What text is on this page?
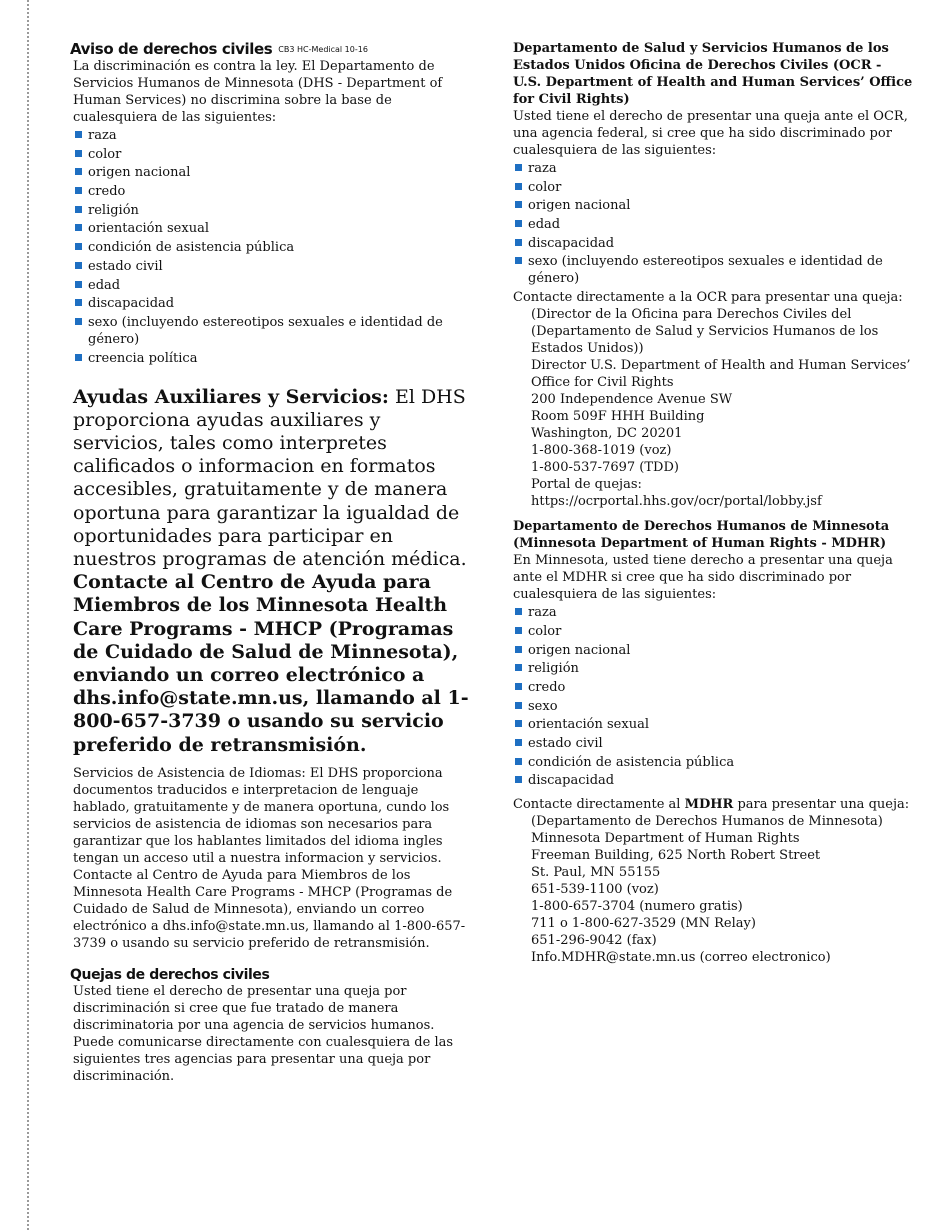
Aviso de derechos civiles CB3 HC-Medical 10-16

La discriminación es contra la ley. El Departamento de Servicios Humanos de Minnesota (DHS - Department of Human Services) no discrimina sobre la base de cualesquiera de las siguientes:

raza
color
origen nacional
credo
religión
orientación sexual
condición de asistencia pública
estado civil
edad
discapacidad
sexo (incluyendo estereotipos sexuales e identidad de género)
creencia política

Ayudas Auxiliares y Servicios: El DHS proporciona ayudas auxiliares y servicios, tales como interpretes calificados o informacion en formatos accesibles, gratuitamente y de manera oportuna para garantizar la igualdad de oportunidades para participar en nuestros programas de atención médica. Contacte al Centro de Ayuda para Miembros de los Minnesota Health Care Programs - MHCP (Programas de Cuidado de Salud de Minnesota), enviando un correo electrónico a dhs.info@state.mn.us, llamando al 1-800-657-3739 o usando su servicio preferido de retransmisión.

Servicios de Asistencia de Idiomas: El DHS proporciona documentos traducidos e interpretacion de lenguaje hablado, gratuitamente y de manera oportuna, cundo los servicios de asistencia de idiomas son necesarios para garantizar que los hablantes limitados del idioma ingles tengan un acceso util a nuestra informacion y servicios. Contacte al Centro de Ayuda para Miembros de los Minnesota Health Care Programs - MHCP (Programas de Cuidado de Salud de Minnesota), enviando un correo electrónico a dhs.info@state.mn.us, llamando al 1-800-657-3739 o usando su servicio preferido de retransmisión.

Quejas de derechos civiles

Usted tiene el derecho de presentar una queja por discriminación si cree que fue tratado de manera discriminatoria por una agencia de servicios humanos. Puede comunicarse directamente con cualesquiera de las siguientes tres agencias para presentar una queja por discriminación.

Departamento de Salud y Servicios Humanos de los Estados Unidos Oficina de Derechos Civiles (OCR - U.S. Department of Health and Human Services’ Office for Civil Rights)

Usted tiene el derecho de presentar una queja ante el OCR, una agencia federal, si cree que ha sido discriminado por cualesquiera de las siguientes:

raza
color
origen nacional
edad
discapacidad
sexo (incluyendo estereotipos sexuales e identidad de género)

Contacte directamente a la OCR para presentar una queja:

(Director de la Oficina para Derechos Civiles del (Departamento de Salud y Servicios Humanos de los Estados Unidos))

Director U.S. Department of Health and Human Services’ Office for Civil Rights

200 Independence Avenue SW

Room 509F HHH Building

Washington, DC 20201

1-800-368-1019 (voz)

1-800-537-7697 (TDD)

Portal de quejas:

https://ocrportal.hhs.gov/ocr/portal/lobby.jsf

Departamento de Derechos Humanos de Minnesota (Minnesota Department of Human Rights - MDHR)

En Minnesota, usted tiene derecho a presentar una queja ante el MDHR si cree que ha sido discriminado por cualesquiera de las siguientes:

raza
color
origen nacional
religión
credo
sexo
orientación sexual
estado civil
condición de asistencia pública
discapacidad

Contacte directamente al MDHR para presentar una queja:

(Departamento de Derechos Humanos de Minnesota)

Minnesota Department of Human Rights

Freeman Building, 625 North Robert Street

St. Paul, MN 55155

651-539-1100 (voz)

1-800-657-3704 (numero gratis)

711 o 1-800-627-3529 (MN Relay)

651-296-9042 (fax)

Info.MDHR@state.mn.us (correo electronico)
